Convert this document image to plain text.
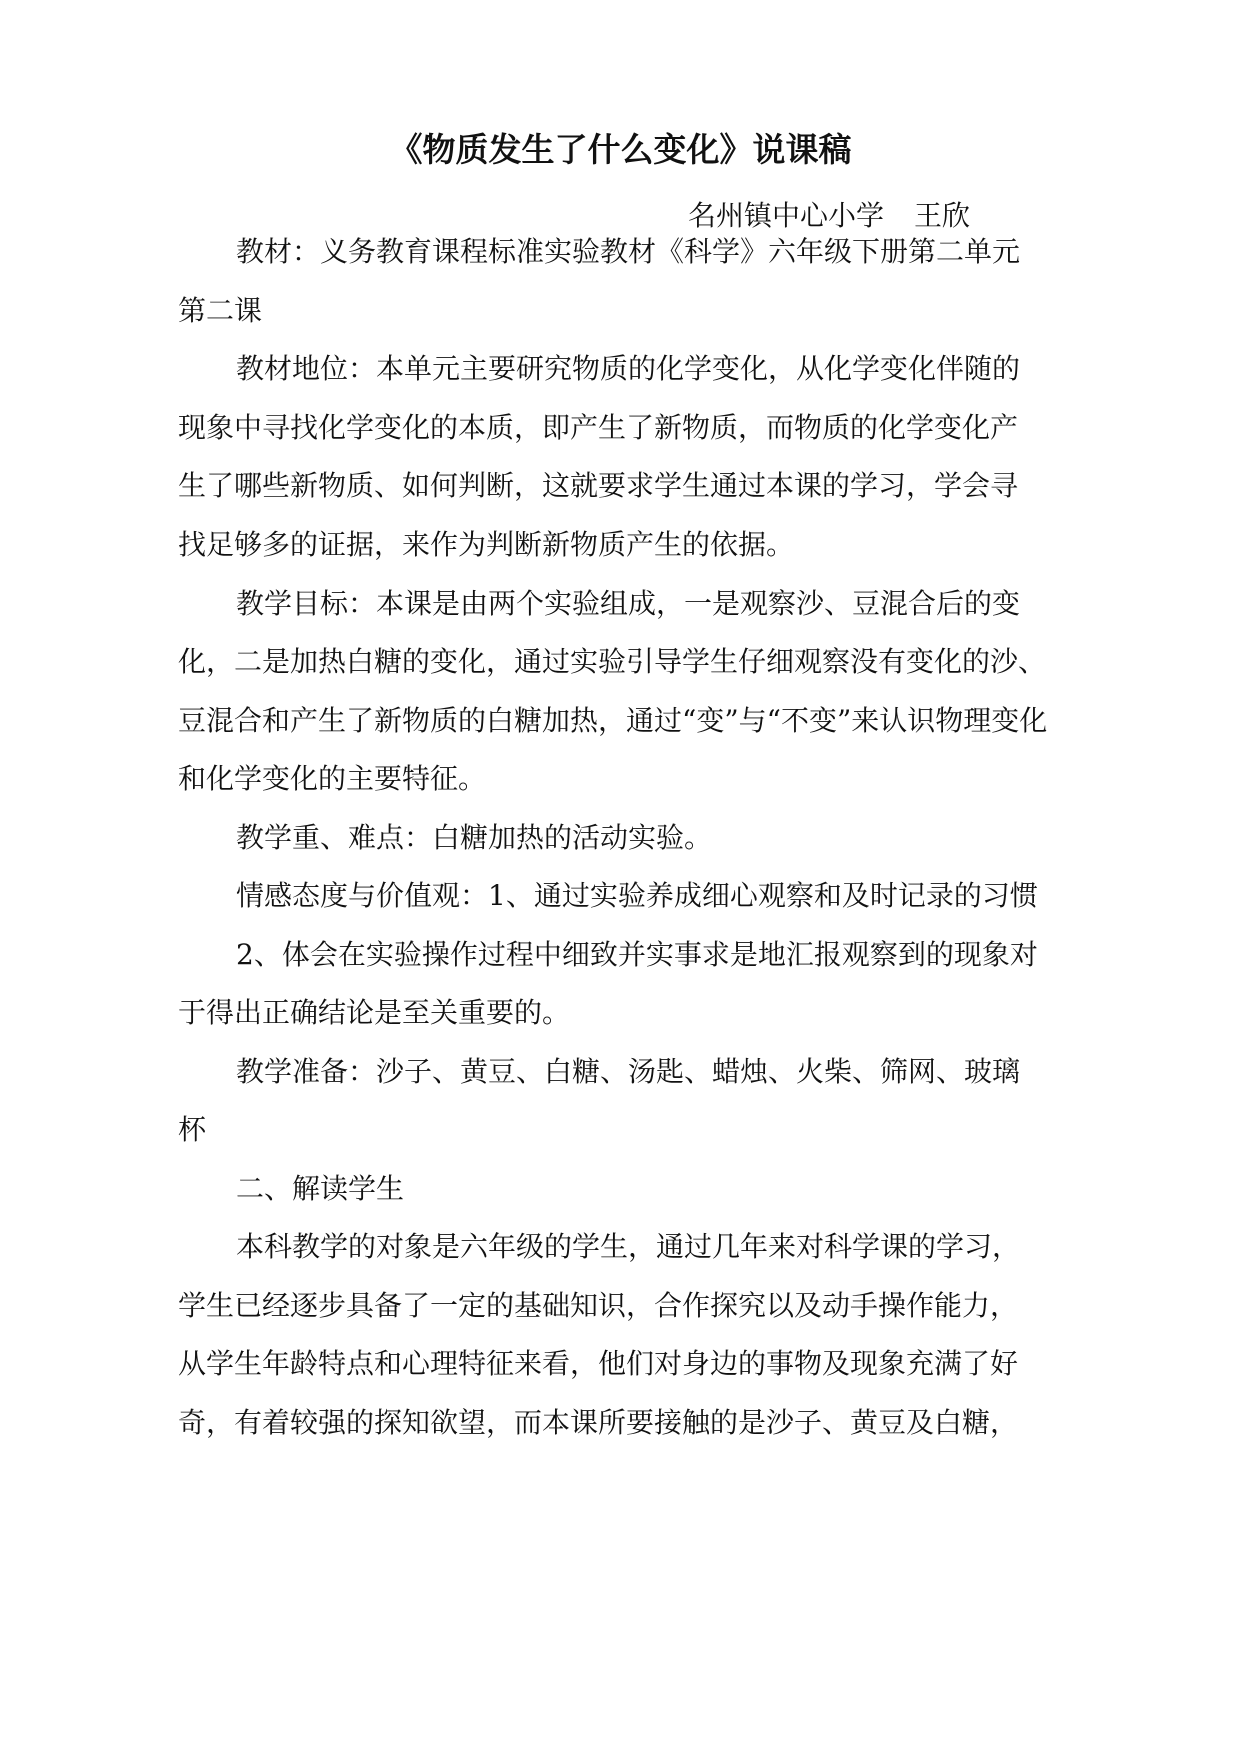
《物质发生了什么变化》说课稿
名州镇中心小学 王欣
教材：义务教育课程标准实验教材《科学》六年级下册第二单元
第二课
教材地位：本单元主要研究物质的化学变化，从化学变化伴随的
现象中寻找化学变化的本质，即产生了新物质，而物质的化学变化产
生了哪些新物质、如何判断，这就要求学生通过本课的学习，学会寻
找足够多的证据，来作为判断新物质产生的依据。
教学目标：本课是由两个实验组成，一是观察沙、豆混合后的变
化，二是加热白糖的变化，通过实验引导学生仔细观察没有变化的沙、
豆混合和产生了新物质的白糖加热，通过“变”与“不变”来认识物理变化
和化学变化的主要特征。
教学重、难点：白糖加热的活动实验。
情感态度与价值观：1、通过实验养成细心观察和及时记录的习惯
2、体会在实验操作过程中细致并实事求是地汇报观察到的现象对
于得出正确结论是至关重要的。
教学准备：沙子、黄豆、白糖、汤匙、蜡烛、火柴、筛网、玻璃
杯
二、解读学生
本科教学的对象是六年级的学生，通过几年来对科学课的学习，
学生已经逐步具备了一定的基础知识，合作探究以及动手操作能力，
从学生年龄特点和心理特征来看，他们对身边的事物及现象充满了好
奇，有着较强的探知欲望，而本课所要接触的是沙子、黄豆及白糖，
